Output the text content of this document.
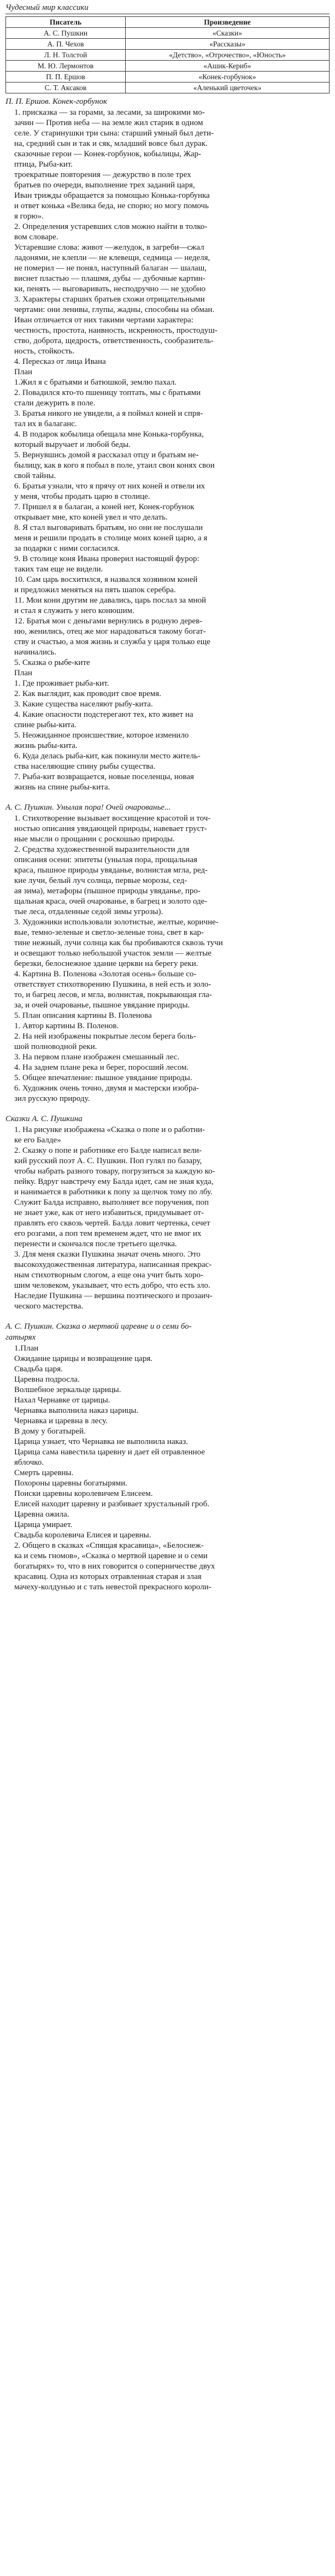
Чудесный мир классики
Писатель	Произведение
А. С. Пушкин	«Сказки»
А. П. Чехов	«Рассказы»
Л. Н. Толстой	«Детство», «Отрочество», «Юность»
М. Ю. Лермонтов	«Ашик-Кериб»
П. П. Ершов	«Конек-горбунок»
С. Т. Аксаков	«Аленький цветочек»
П. П. Ершов. Конек-горбунок

1. присказка — за горами, за лесами, за широкими мо-

зачин — Против неба — на земле жил старик в одном

селе. У старинушки три сына: старший умный был дети-

на, средний сын и так и сяк, младший вовсе был дурак.

сказочные герои — Конек-горбунок, кобылицы, Жар-

птица, Рыба-кит.

троекратные повторения — дежурство в поле трех

братьев по очереди, выполнение трех заданий царя,

Иван трижды обращается за помощью Конька-горбунка

и ответ конька «Велика беда, не спорю; но могу помочь

я горю».

2. Определения устаревших слов можно найти в толко-

вом словаре.

Устаревшие слова: живот —желудок, в загреби—сжал

ладонями, не клепли — не клевещи, седмица — неделя,

не померил — не понял, наступный балаган — шалаш,

виснет пластью — плашмя, дубы — дубочные картин-

ки, пенять — выговаривать, несподручно — не удобно

3. Характеры старших братьев схожи отрицательными

чертами: они ленивы, глупы, жадны, способны на обман.

Иван отличается от них такими чертами характера:

честность, простота, наивность, искренность, простодуш-

ство, доброта, щедрость, ответственность, сообразитель-

ность, стойкость.

4. Пересказ от лица Ивана

План

1.Жил я с братьями и батюшкой, землю пахал.

2. Повадился кто-то пшеницу топтать, мы с братьями

стали дежурить в поле.

3. Братья никого не увидели, а я поймал коней и спря-

тал их в балаганс.

4. В подарок кобылица обещала мне Конька-горбунка,

который выручает и любой беды.

5. Вернувшись домой я рассказал отцу и братьям не-

былицу, как в кого я побыл в поле, утаил свои конях свои

свой тайны.

6. Братья узнали, что я прячу от них коней и отвели их

у меня, чтобы продать царю в столице.

7. Пришел я в балаган, а коней нет, Конек-горбунок

открывает мне, кто коней увел и что делать.

8. Я стал выговаривать братьям, но они не послушали

меня и решили продать в столице моих коней царю, а я

за подарки с ними согласился.

9. В столице коня Ивана проверил настоящий фурор:

таких там еще не видели.

10. Сам царь восхитился, я назвался хозяином коней

и предложил меняться на пять шапок серебра.

11. Мои кони другим не давались, царь послал за мной

и стал я служить у него конюшим.

12. Братья мои с деньгами вернулись в родную дерев-

ню, женились, отец же мог нарадоваться такому богат-

ству и счастью, а моя жизнь и служба у царя только еще

начинались.

5. Сказка о рыбе-ките

План

1. Где проживает рыба-кит.

2. Как выглядит, как проводит свое время.

3. Какие существа населяют рыбу-кита.

4. Какие опасности подстерегают тех, кто живет на

спине рыбы-кита.

5. Неожиданное происшествие, которое изменило

жизнь рыбы-кита.

6. Куда делась рыба-кит, как покинули место житель-

ства населяющие спину рыбы существа.

7. Рыба-кит возвращается, новые поселенцы, новая

жизнь на спине рыбы-кита.

А. С. Пушкин. Унылая пора! Очей очарованье...

1. Стихотворение вызывает восхищение красотой и точ-

ностью описания увядающей природы, навевает груст-

ные мысли о прощании с роскошью природы.

2. Средства художественной выразительности для

описания осени: эпитеты (унылая пора, прощальная

краса, пышное природы увяданье, волнистая мгла, ред-

кие лучи, белый луч солнца, первые морозы, сед-

ая зима), метафоры (пышное природы увяданье, про-

щальная краса, очей очарованье, в багрец и золото оде-

тые леса, отдаленные седой зимы угрозы).

3. Художники использовали золотистые, желтые, коричне-

вые, темно-зеленые и светло-зеленые тона, свет в кар-

тине нежный, лучи солнца как бы пробиваются сквозь тучи

и освещают только небольшой участок земли — желтые

березки, белоснежное здание церкви на берегу реки.

4. Картина В. Поленова «Золотая осень» больше со-

ответствует стихотворению Пушкина, в ней есть и золо-

то, и багрец лесов, и мгла, волнистая, покрывающая гла-

за, и очей очарованье, пышное увядание природы.

5. План описания картины В. Поленова

1. Автор картины В. Поленов.

2. На ней изображены покрытые лесом берега боль-

шой полноводной реки.

3. На первом плане изображен смешанный лес.

4. На заднем плане река и берег, поросший лесом.

5. Общее впечатление: пышное увядание природы.

6. Художник очень точно, двумя и мастерски изобра-

зил русскую природу.

Сказки А. С. Пушкина

1. На рисунке изображена «Сказка о попе и о работни-

ке его Балде»

2. Сказку о попе и работнике его Балде написал вели-

кий русский поэт А. С. Пушкин. Поп гулял по базару,

чтобы набрать разного товару, погрузиться за каждую ко-

пейку. Вдруг навстречу ему Балда идет, сам не зная куда,

и нанимается в работники к попу за щелчок тому по лбу.

Служит Балда исправно, выполняет все поручения, поп

не знает уже, как от него избавиться, придумывает от-

правлять его сквозь чертей. Балда ловит чертенка, сечет

его розгами, а поп тем временем ждет, что не вмог их

перенести и скончался после третьего щелчка.

3. Для меня сказки Пушкина значат очень много. Это

высокохудожественная литература, написанная прекрас-

ным стихотворным слогом, а еще она учит быть хоро-

шим человеком, указывает, что есть добро, что есть зло.

Наследие Пушкина — вершина поэтического и прозаич-

ческого мастерства.

А. С. Пушкин. Сказка о мертвой царевне и о семи бо-
гатырях

1.План

Ожидание царицы и возвращение царя.

Свадьба царя.

Царевна подросла.

Волшебное зеркальце царицы.

Нахал Чернавке от царицы.

Чернавка выполнила наказ царицы.

Чернавка и царевна в лесу.

В дому у богатырей.

Царица узнает, что Чернавка не выполнила наказ.

Царица сама навестила царевну и дает ей отравленное

яблочко.

Смерть царевны.

Похороны царевны богатырями.

Поиски царевны королевичем Елисеем.

Елисей находит царевну и разбивает хрустальный гроб.

Царевна ожила.

Царица умирает.

Свадьба королевича Елисея и царевны.

2. Общего в сказках «Спящая красавица», «Белоснеж-

ка и семь гномов», «Сказка о мертвой царевне и о семи

богатырях» то, что в них говорится о соперничестве двух

красавиц. Одна из которых отравленная старая и злая

мачеху-колдунью и с тать невестой прекрасного короли-
